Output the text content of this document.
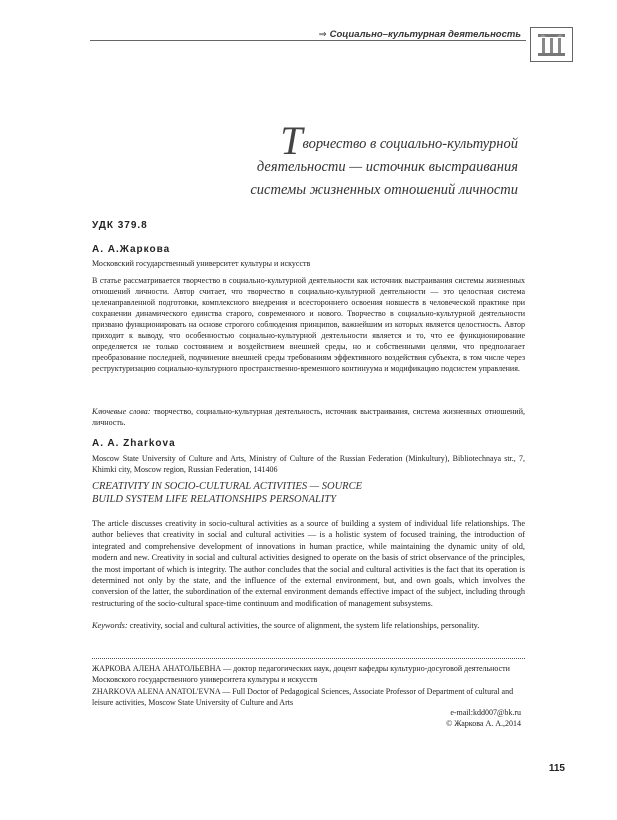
⇒ Социально–культурная деятельность
Творчество в социально-культурной
деятельности — источник выстраивания
системы жизненных отношений личности
УДК 379.8
А. А.Жаркова
Московский государственный университет культуры и искусств

В статье рассматривается творчество в социально-культурной деятельности как источник выстраивания системы жизненных отношений личности. Автор считает, что творчество в социально-культурной деятельности — это целостная система целенаправленной подготовки, комплексного внедрения и всестороннего освоения новшеств в человеческой практике при сохранении динамического единства старого, современного и нового. Творчество в социально-культурной деятельности призвано функционировать на основе строгого соблюдения принципов, важнейшим из которых является целостность. Автор приходит к выводу, что особенностью социально-культурной деятельности является и то, что ее функционирование определяется не только состоянием и воздействием внешней среды, но и собственными целями, что предполагает преобразование последней, подчинение внешней среды требованиям эффективного воздействия субъекта, в том числе через реструктуризацию социально-культурного пространственно-временного континуума и модификацию подсистем управления.

Ключевые слова: творчество, социально-культурная деятельность, источник выстраивания, система жизненных отношений, личность.

A. A. Zharkova

Moscow State University of Culture and Arts, Ministry of Culture of the Russian Federation (Minkultury), Bibliotechnaya str., 7, Khimki city, Moscow region, Russian Federation, 141406

CREATIVITY IN SOCIO-CULTURAL ACTIVITIES — SOURCE
BUILD SYSTEM LIFE RELATIONSHIPS PERSONALITY

The article discusses creativity in socio-cultural activities as a source of building a system of individual life relationships. The author believes that creativity in social and cultural activities — is a holistic system of focused training, the introduction of integrated and comprehensive development of innovations in human practice, while maintaining the dynamic unity of old, modern and new. Creativity in social and cultural activities designed to operate on the basis of strict observance of the principles, the most important of which is integrity. The author concludes that the social and cultural activities is the fact that its operation is determined not only by the state, and the influence of the external environment, but, and own goals, which involves the conversion of the latter, the subordination of the external environment demands effective impact of the subject, including through restructuring of the socio-cultural space-time continuum and modification of management subsystems.

Keywords: creativity, social and cultural activities, the source of alignment, the system life relationships, personality.

ЖАРКОВА АЛЕНА АНАТОЛЬЕВНА — доктор педагогических наук, доцент кафедры культурно-досуговой деятельности Московского государственного университета культуры и искусств

ZHARKOVA ALENA ANATOL'EVNA — Full Doctor of Pedagogical Sciences, Associate Professor of Department of cultural and leisure activities, Moscow State University of Culture and Arts

e-mail:kdd007@bk.ru
© Жаркова А. А.,2014
115
